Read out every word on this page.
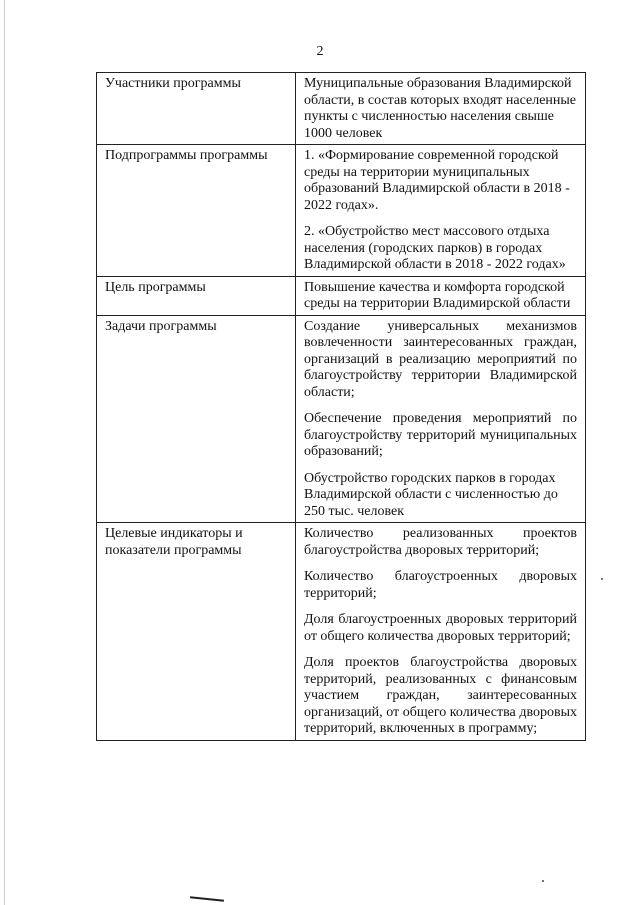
2
Участники программы	Муниципальные образования Владимирской области, в состав которых входят населенные пункты с численностью населения свыше 1000 человек

Подпрограммы программы	1. «Формирование современной городской среды на территории муниципальных образований Владимирской области в 2018 - 2022 годах».

2. «Обустройство мест массового отдыха населения (городских парков) в городах Владимирской области в 2018 - 2022 годах»

Цель программы	Повышение качества и комфорта городской среды на территории Владимирской области

Задачи программы	Создание универсальных механизмов вовлеченности заинтересованных граждан, организаций в реализацию мероприятий по благоустройству территории Владимирской области;

Обеспечение проведения мероприятий по благоустройству территорий муниципальных образований;

Обустройство городских парков в городах Владимирской области с численностью до 250 тыс. человек

Целевые индикаторы и показатели программы	Количество реализованных проектов благоустройства дворовых территорий;

Количество благоустроенных дворовых территорий;

Доля благоустроенных дворовых территорий от общего количества дворовых территорий;

Доля проектов благоустройства дворовых территорий, реализованных с финансовым участием граждан, заинтересованных организаций, от общего количества дворовых территорий, включенных в программу;
